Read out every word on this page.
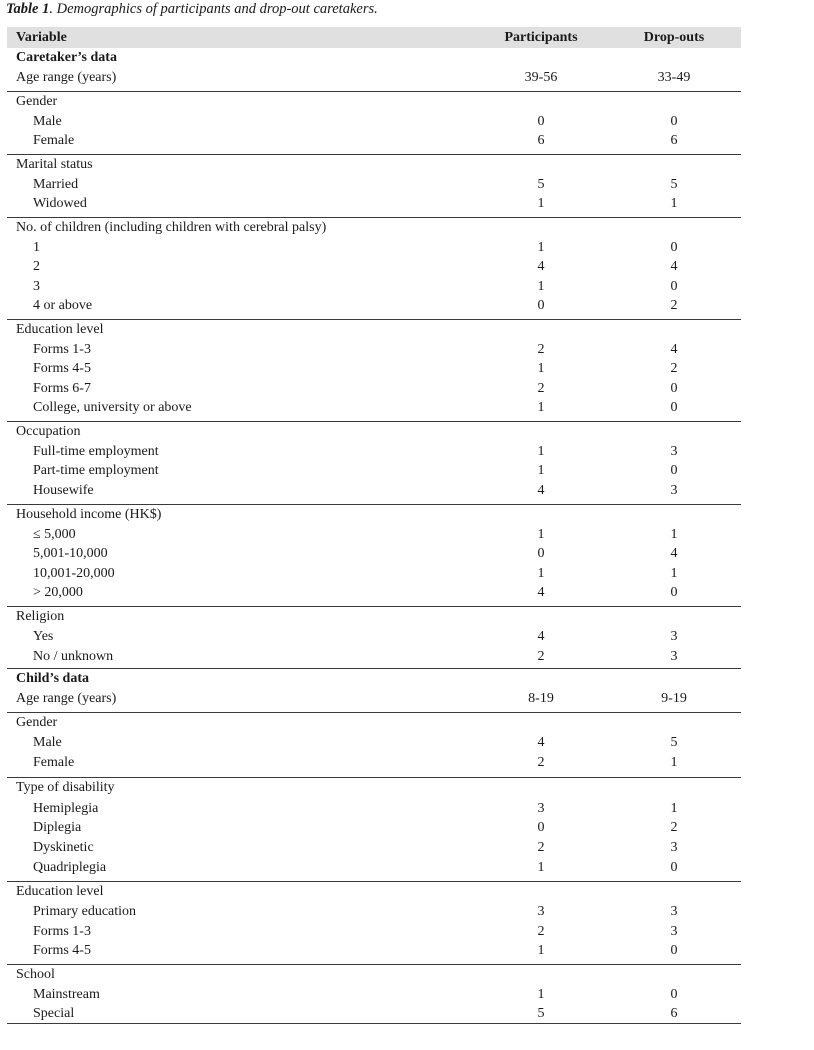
Table 1. Demographics of participants and drop-out caretakers.
Variable	Participants	Drop-outs
Caretaker’s data
Age range (years)	39-56	33-49
Gender
Male	0	0
Female	6	6
Marital status
Married	5	5
Widowed	1	1
No. of children (including children with cerebral palsy)
1	1	0
2	4	4
3	1	0
4 or above	0	2
Education level
Forms 1-3	2	4
Forms 4-5	1	2
Forms 6-7	2	0
College, university or above	1	0
Occupation
Full-time employment	1	3
Part-time employment	1	0
Housewife	4	3
Household income (HK$)
≤ 5,000	1	1
5,001-10,000	0	4
10,001-20,000	1	1
> 20,000	4	0
Religion
Yes	4	3
No / unknown	2	3
Child’s data
Age range (years)	8-19	9-19
Gender
Male	4	5
Female	2	1
Type of disability
Hemiplegia	3	1
Diplegia	0	2
Dyskinetic	2	3
Quadriplegia	1	0
Education level
Primary education	3	3
Forms 1-3	2	3
Forms 4-5	1	0
School
Mainstream	1	0
Special	5	6
